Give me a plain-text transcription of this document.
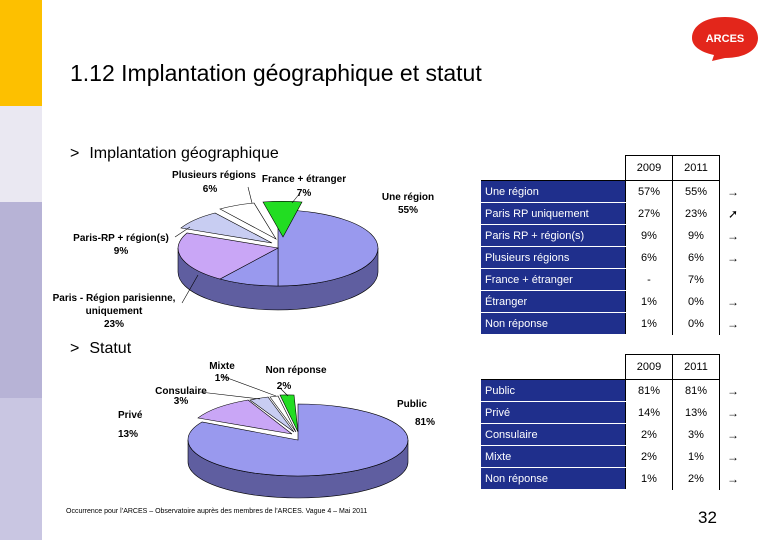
ARCES
1.12 Implantation géographique et statut
> Implantation géographique
> Statut
Plusieurs régions
6%
France + étranger
7%	Une région
55%
Paris-RP + région(s)
9%
Paris - Région parisienne,
uniquement
23%
Mixte
1%
Non réponse
2%
Consulaire
3%
Privé
13%
Public
81%
	2009	2011	
Une région	57%	55%	→
Paris RP uniquement	27%	23%	➚
Paris RP + région(s)	9%	9%	→
Plusieurs régions	6%	6%	→
France + étranger	-	7%	
Étranger	1%	0%	→
Non réponse	1%	0%	→
	2009	2011	
Public	81%	81%	→
Privé	14%	13%	→
Consulaire	2%	3%	→
Mixte	2%	1%	→
Non réponse	1%	2%	→
Occurrence pour l’ARCES – Observatoire auprès des membres de l’ARCES. Vague 4 – Mai 2011	32
